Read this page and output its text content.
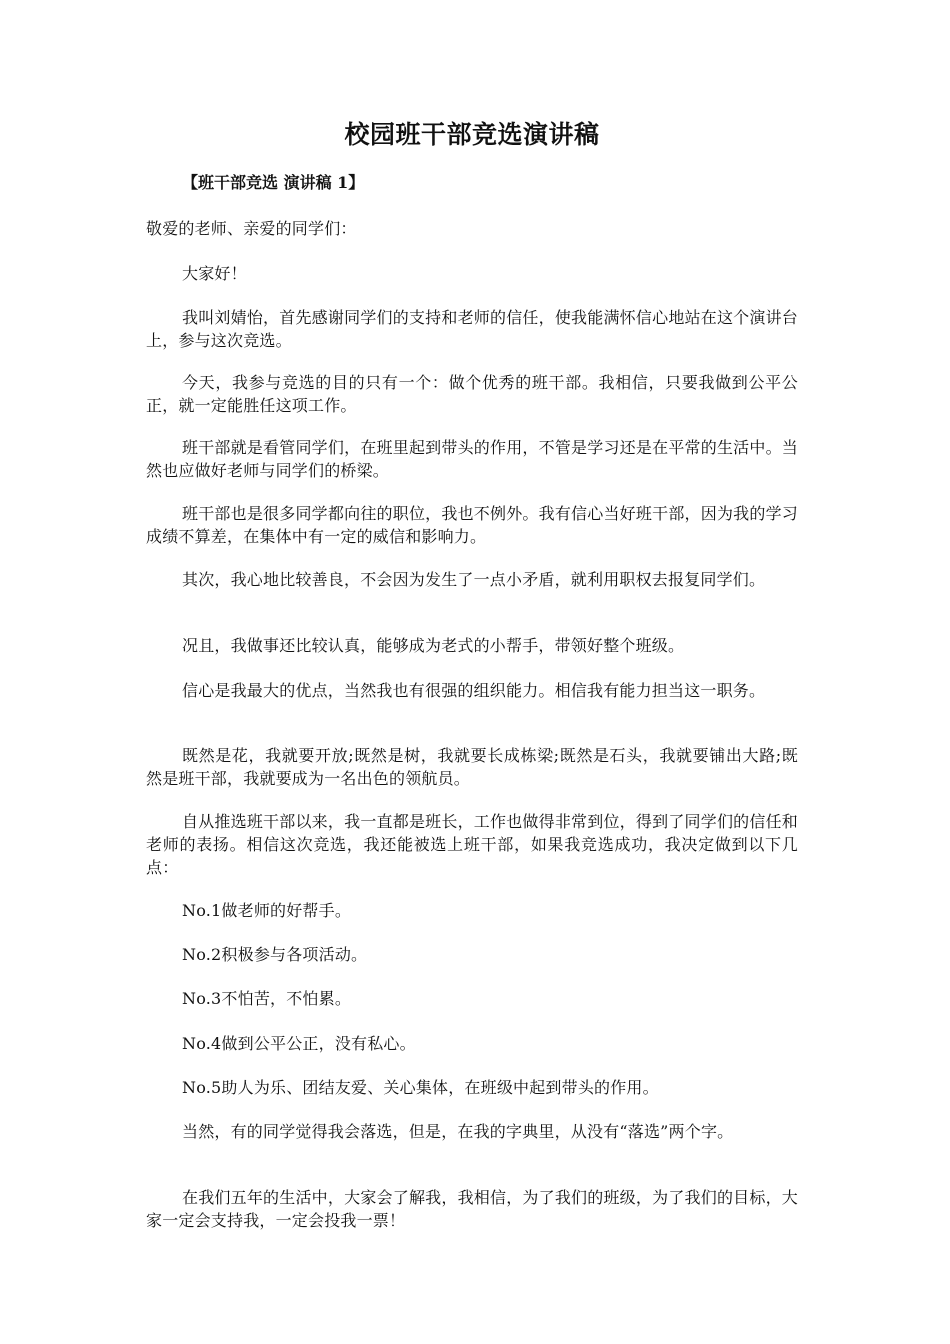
校园班干部竞选演讲稿
【班干部竞选 演讲稿 1】

敬爱的老师、亲爱的同学们：

大家好！

我叫刘婧怡，首先感谢同学们的支持和老师的信任，使我能满怀信心地站在这个演讲台上，参与这次竞选。

今天，我参与竞选的目的只有一个：做个优秀的班干部。我相信，只要我做到公平公正，就一定能胜任这项工作。

班干部就是看管同学们，在班里起到带头的作用，不管是学习还是在平常的生活中。当然也应做好老师与同学们的桥梁。

班干部也是很多同学都向往的职位，我也不例外。我有信心当好班干部，因为我的学习成绩不算差，在集体中有一定的威信和影响力。

其次，我心地比较善良，不会因为发生了一点小矛盾，就利用职权去报复同学们。

况且，我做事还比较认真，能够成为老式的小帮手，带领好整个班级。

信心是我最大的优点，当然我也有很强的组织能力。相信我有能力担当这一职务。

既然是花，我就要开放;既然是树，我就要长成栋梁;既然是石头，我就要铺出大路;既然是班干部，我就要成为一名出色的领航员。

自从推选班干部以来，我一直都是班长，工作也做得非常到位，得到了同学们的信任和老师的表扬。相信这次竞选，我还能被选上班干部，如果我竞选成功，我决定做到以下几点：

No.1做老师的好帮手。

No.2积极参与各项活动。

No.3不怕苦，不怕累。

No.4做到公平公正，没有私心。

No.5助人为乐、团结友爱、关心集体，在班级中起到带头的作用。

当然，有的同学觉得我会落选，但是，在我的字典里，从没有“落选”两个字。

在我们五年的生活中，大家会了解我，我相信，为了我们的班级，为了我们的目标，大家一定会支持我，一定会投我一票！
